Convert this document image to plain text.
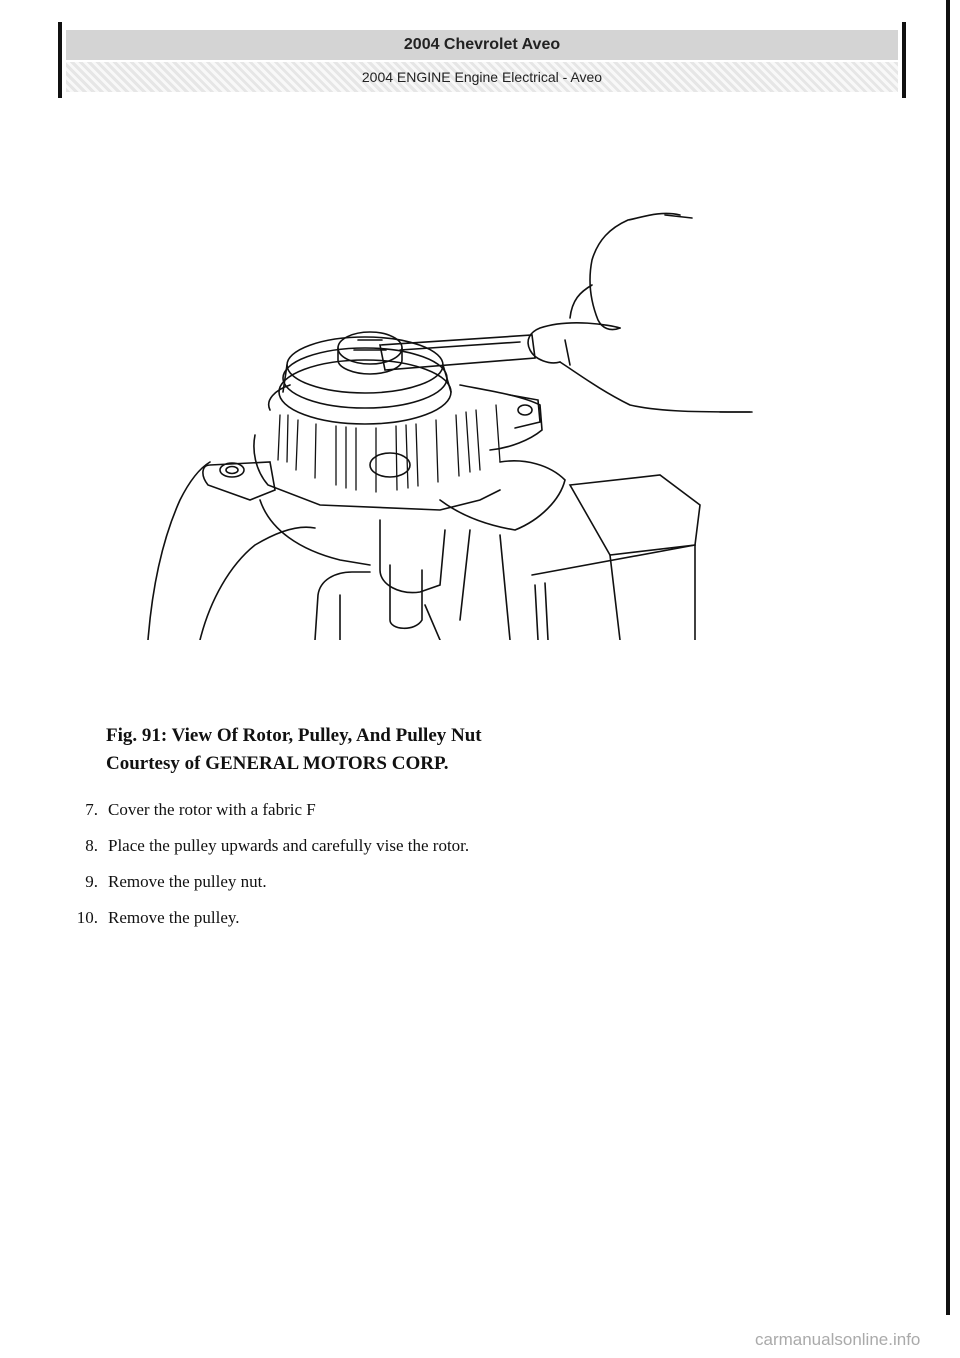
2004 Chevrolet Aveo
2004 ENGINE Engine Electrical - Aveo
Fig. 91: View Of Rotor, Pulley, And Pulley Nut
Courtesy of GENERAL MOTORS CORP.
7. Cover the rotor with a fabric F
8. Place the pulley upwards and carefully vise the rotor.
9. Remove the pulley nut.
10. Remove the pulley.
carmanualsonline.info
